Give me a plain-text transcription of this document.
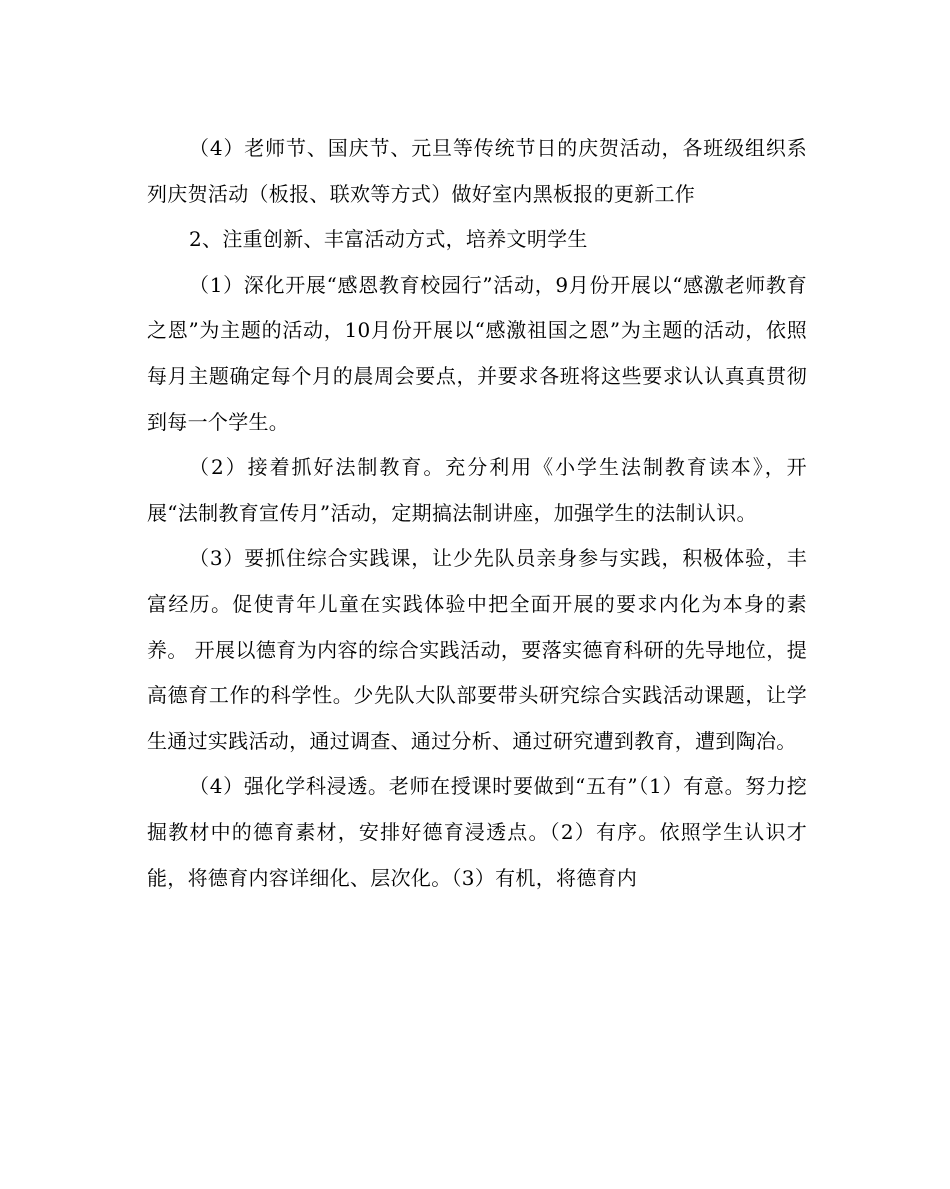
（4）老师节、国庆节、元旦等传统节日的庆贺活动，各班级组织系列庆贺活动（板报、联欢等方式）做好室内黑板报的更新工作

2、注重创新、丰富活动方式，培养文明学生

（1）深化开展“感恩教育校园行”活动，9月份开展以“感激老师教育之恩”为主题的活动，10月份开展以“感激祖国之恩”为主题的活动，依照每月主题确定每个月的晨周会要点，并要求各班将这些要求认认真真贯彻到每一个学生。

（2）接着抓好法制教育。充分利用《小学生法制教育读本》，开展“法制教育宣传月”活动，定期搞法制讲座，加强学生的法制认识。

（3）要抓住综合实践课，让少先队员亲身参与实践，积极体验，丰富经历。促使青年儿童在实践体验中把全面开展的要求内化为本身的素养。 开展以德育为内容的综合实践活动，要落实德育科研的先导地位，提高德育工作的科学性。少先队大队部要带头研究综合实践活动课题，让学生通过实践活动，通过调查、通过分析、通过研究遭到教育，遭到陶冶。

（4）强化学科浸透。老师在授课时要做到“五有”（1）有意。努力挖掘教材中的德育素材，安排好德育浸透点。（2）有序。依照学生认识才能，将德育内容详细化、层次化。（3）有机，将德育内
